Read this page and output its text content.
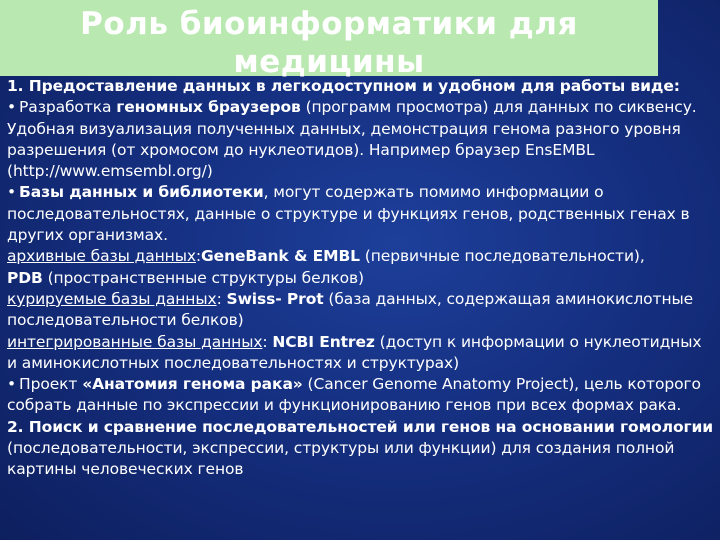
Роль биоинформатики для медицины

1. Предоставление данных в легкодоступном и удобном для работы виде:

• Разработка геномных браузеров (программ просмотра) для данных по сиквенсу. Удобная визуализация полученных данных, демонстрация генома разного уровня разрешения (от хромосом до нуклеотидов). Например браузер EnsEMBL (http://www.emsembl.org/)

• Базы данных и библиотеки, могут содержать помимо информации о последовательностях, данные о структуре и функциях генов, родственных генах в других организмах.

архивные базы данных:GeneBank & EMBL (первичные последовательности),

PDB (пространственные структуры белков)

курируемые базы данных: Swiss- Prot (база данных, содержащая аминокислотные последовательности белков)

интегрированные базы данных: NCBI Entrez (доступ к информации о нуклеотидных и аминокислотных последовательностях и структурах)

• Проект «Анатомия генома рака» (Cancer Genome Anatomy Project), цель которого собрать данные по экспрессии и функционированию генов при всех формах рака.

2. Поиск и сравнение последовательностей или генов на основании гомологии (последовательности, экспрессии, структуры или функции) для создания полной картины человеческих генов
